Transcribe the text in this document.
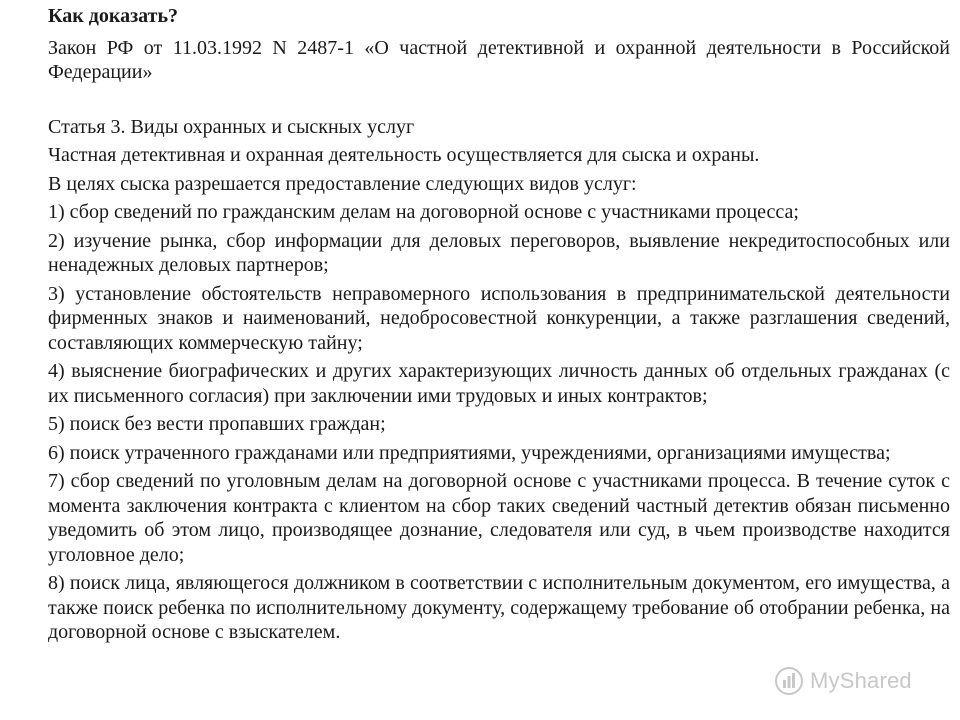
Как доказать?

Закон РФ от 11.03.1992 N 2487-1 «О частной детективной и охранной деятельности в Российской Федерации»

Статья 3. Виды охранных и сыскных услуг

Частная детективная и охранная деятельность осуществляется для сыска и охраны.

В целях сыска разрешается предоставление следующих видов услуг:

1) сбор сведений по гражданским делам на договорной основе с участниками процесса;

2) изучение рынка, сбор информации для деловых переговоров, выявление некредитоспособных или ненадежных деловых партнеров;

3) установление обстоятельств неправомерного использования в предпринимательской деятельности фирменных знаков и наименований, недобросовестной конкуренции, а также разглашения сведений, составляющих коммерческую тайну;

4) выяснение биографических и других характеризующих личность данных об отдельных гражданах (с их письменного согласия) при заключении ими трудовых и иных контрактов;

5) поиск без вести пропавших граждан;

6) поиск утраченного гражданами или предприятиями, учреждениями, организациями имущества;

7) сбор сведений по уголовным делам на договорной основе с участниками процесса. В течение суток с момента заключения контракта с клиентом на сбор таких сведений частный детектив обязан письменно уведомить об этом лицо, производящее дознание, следователя или суд, в чьем производстве находится уголовное дело;

8) поиск лица, являющегося должником в соответствии с исполнительным документом, его имущества, а также поиск ребенка по исполнительному документу, содержащему требование об отобрании ребенка, на договорной основе с взыскателем.

MyShared
